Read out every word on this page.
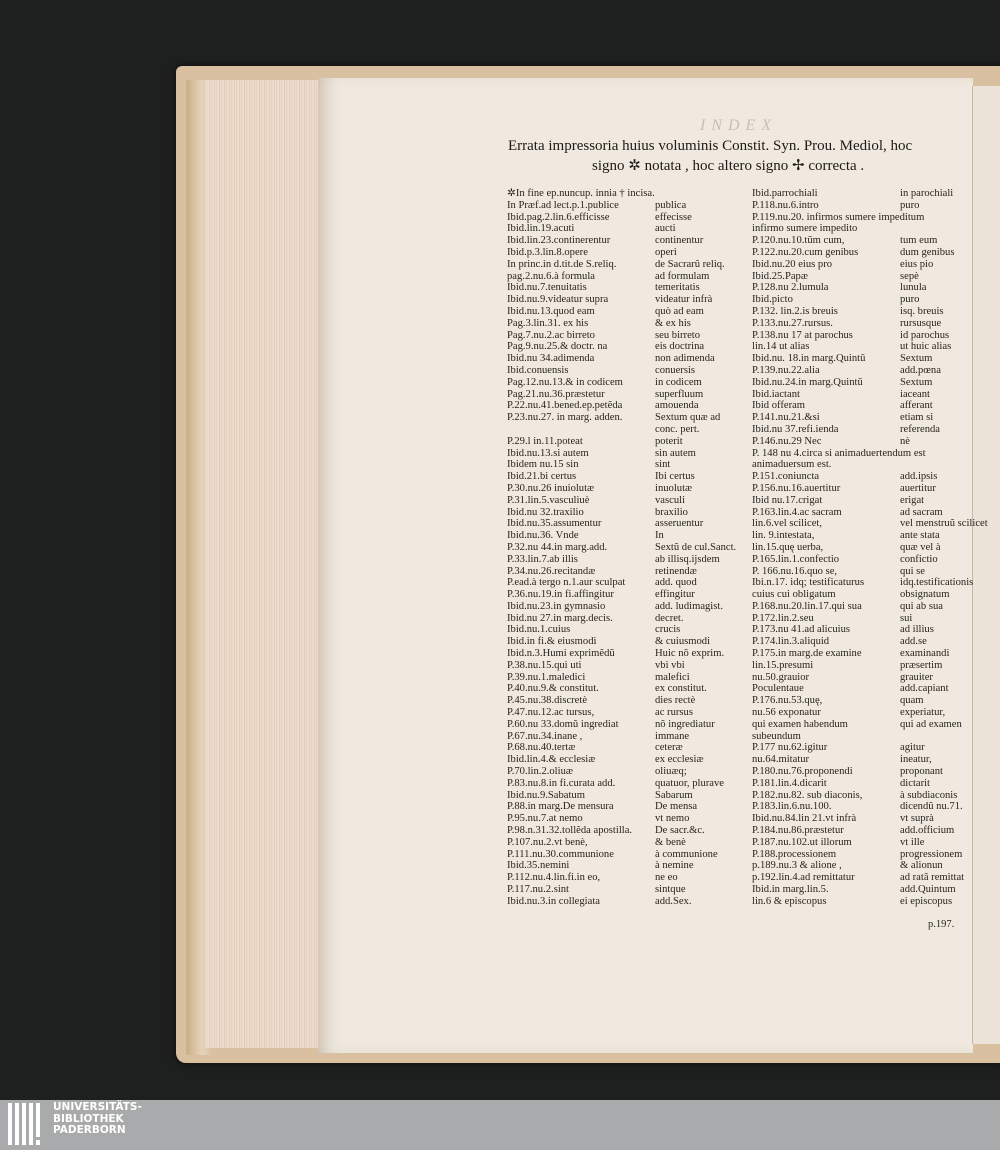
INDEX
Errata impressoria huius voluminis Constit. Syn. Prou. Mediol, hoc
signo ✲ notata , hoc altero signo ✢ correcta .
✲In fine ep.nuncup. innia † incisa.
In Præf.ad lect.p.1.publice	publica
Ibid.pag.2.lin.6.efficisse	effecisse
Ibid.lin.19.acuti	aucti
Ibid.lin.23.continerentur	continentur
Ibid.p.3.lin.8.opere	operi
In princ.in d.tit.de S.reliq.	de Sacrarũ reliq.
pag.2.nu.6.à formula	ad formulam
Ibid.nu.7.tenuitatis	temeritatis
Ibid.nu.9.videatur supra	videatur infrà
Ibid.nu.13.quod eam	quò ad eam
Pag.3.lin.31. ex his	& ex his
Pag.7.nu.2.ac birreto	seu birreto
Pag.9.nu.25.& doctr. na	eis doctrina
Ibid.nu 34.adimenda	non adimenda
Ibid.conuensis	conuersis
Pag.12.nu.13.& in codicem	in codicem
Pag.21.nu.36.præstetur	superfluum
P.22.nu.41.bened.ep.petẽda	amouenda
P.23.nu.27. in marg. adden.	Sextum quæ ad
conc. pert.
P.29.l in.11.poteat	poterit
Ibid.nu.13.si autem	sin autem
Ibidem nu.15 sin	sint
Ibid.21.bi certus	Ibi certus
P.30.nu.26 inuiolutæ	inuolutæ
P.31.lin.5.vasculiuè	vasculi
Ibid.nu 32.traxilio	braxilio
Ibid.nu.35.assumentur	asseruentur
Ibid.nu.36. Vnde	In
P.32.nu 44.in marg.add.	Sextũ de cul.Sanct.
P.33.lin.7.ab illis	ab illisq.ijsdem
P.34.nu.26.recitandæ	retinendæ
P.ead.à tergo n.1.aur sculpat	add. quod
P.36.nu.19.in fi.affingitur	effingitur
Ibid.nu.23.in gymnasio	add. ludimagist.
Ibid.nu 27.in marg.decis.	decret.
Ibid.nu.1.cuius	crucis
Ibid.in fi.& eiusmodi	& cuiusmodi
Ibid.n.3.Humi exprimẽdũ	Huic nõ exprim.
P.38.nu.15.qui uti	vbi vbi
P.39.nu.1.maledici	malefici
P.40.nu.9.& constitut.	ex constitut.
P.45.nu.38.discretè	dies rectè
P.47.nu.12.ac tursus,	ac rursus
P.60.nu 33.domũ ingrediat	nõ ingrediatur
P.67.nu.34.inane ,	immane
P.68.nu.40.tertæ	ceteræ
Ibid.lin.4.& ecclesiæ	ex ecclesiæ
P.70.lin.2.oliuæ	oliuæq;
P.83.nu.8.in fi.curata add.	quatuor, plurave
Ibid.nu.9.Sabatum	Sabarum
P.88.in marg.De mensura	De mensa
P.95.nu.7.at nemo	vt nemo
P.98.n.31.32.tollẽda apostilla. De sacr.&c.
P.107.nu.2.vt benè,	& benè
P.111.nu.30.communione	à communione
Ibid.35.nemini	à nemine
P.112.nu.4.lin.fi.in eo,	ne eo
P.117.nu.2.sint	sintque
Ibid.nu.3.in collegiata	add.Sex.
Ibid.parrochiali	in parochiali
P.118.nu.6.intro	puro
P.119.nu.20. infirmos sumere impeditum
infirmo sumere impedito
P.120.nu.10.tũm cum,	tum eum
P.122.nu.20.cum genibus	dum genibus
Ibid.nu.20 eius pro	eius pio
Ibid.25.Papæ	sepè
P.128.nu 2.lumula	lunula
Ibid.picto	puro
P.132. lin.2.is breuis	isq. breuis
P.133.nu.27.rursus.	rursusque
P.138.nu 17 at parochus	id parochus
lin.14 ut alias	ut huic alias
Ibid.nu. 18.in marg.Quintũ	Sextum
P.139.nu.22.alia	add.pœna
Ibid.nu.24.in marg.Quintũ	Sextum
Ibid.iactant	iaceant
Ibid offeram	afferant
P.141.nu.21.&si	etiam si
Ibid.nu 37.refi.ienda	referenda
P.146.nu.29 Nec	nè
P. 148 nu 4.circa si animaduertendum est
animaduersum est.
P.151.coniuncta	add.ipsis
P.156.nu.16.auertitur	auertitur
Ibid nu.17.crigat	erigat
P.163.lin.4.ac sacram	ad sacram
lin.6.vel scilicet,	vel menstruũ scilicet
lin. 9.intestata,	ante stata
lin.15.quę uerba,	quæ vel à
P.165.lin.1.confectio	confictio
P. 166.nu.16.quo se,	qui se
Ibi.n.17. idq; testificaturus	idq.testificationis
cuius cui obligatum	obsignatum
P.168.nu.20.lin.17.qui sua	qui ab sua
P.172.lin.2.seu	sui
P.173.nu 41.ad alicuius	ad illius
P.174.lin.3.aliquid	add.se
P.175.in marg.de examine	examinandi
lin.15.presumi	præsertim
nu.50.grauior	grauiter
Poculentaue	add.capiant
P.176.nu.53.quę,	quam
nu.56 exponatur	experiatur,
qui examen habendum	qui ad examen
subeundum
P.177 nu.62.igitur	agitur
nu.64.mitatur	ineatur,
P.180.nu.76.proponendi	proponant
P.181.lin.4.dicarit	dictarit
P.182.nu.82. sub diaconis,	à subdiaconis
P.183.lin.6.nu.100.	dicendũ nu.71.
Ibid.nu.84.lin 21.vt infrà	vt suprà
P.184.nu.86.præstetur	add.officium
P.187.nu.102.ut illorum	vt ille
P.188.processionem	progressionem
p.189.nu.3 & alione ,	& alionun
p.192.lin.4.ad remittatur	ad ratã remittat
Ibid.in marg.lin.5.	add.Quintum
lin.6 & episcopus	ei episcopus
p.197.
UNIVERSITÄTS-
BIBLIOTHEK
PADERBORN
